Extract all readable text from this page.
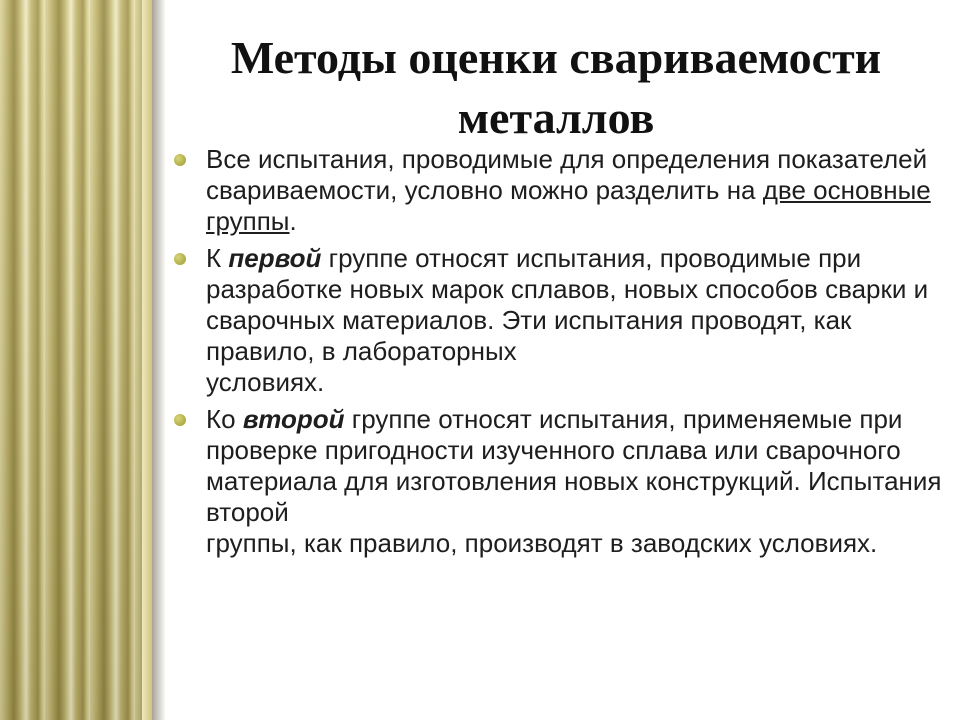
Методы оценки свариваемости металлов
Все испытания, проводимые для определения показателей свариваемости, условно можно разделить на две основные группы.
К первой группе относят испытания, проводимые при разработке новых марок сплавов, новых способов сварки и сварочных материалов. Эти испытания проводят, как правило, в лабораторных
условиях.
Ко второй группе относят испытания, применяемые при проверке пригодности изученного сплава или сварочного материала для изготовления новых конструкций. Испытания второй
группы, как правило, производят в заводских условиях.
